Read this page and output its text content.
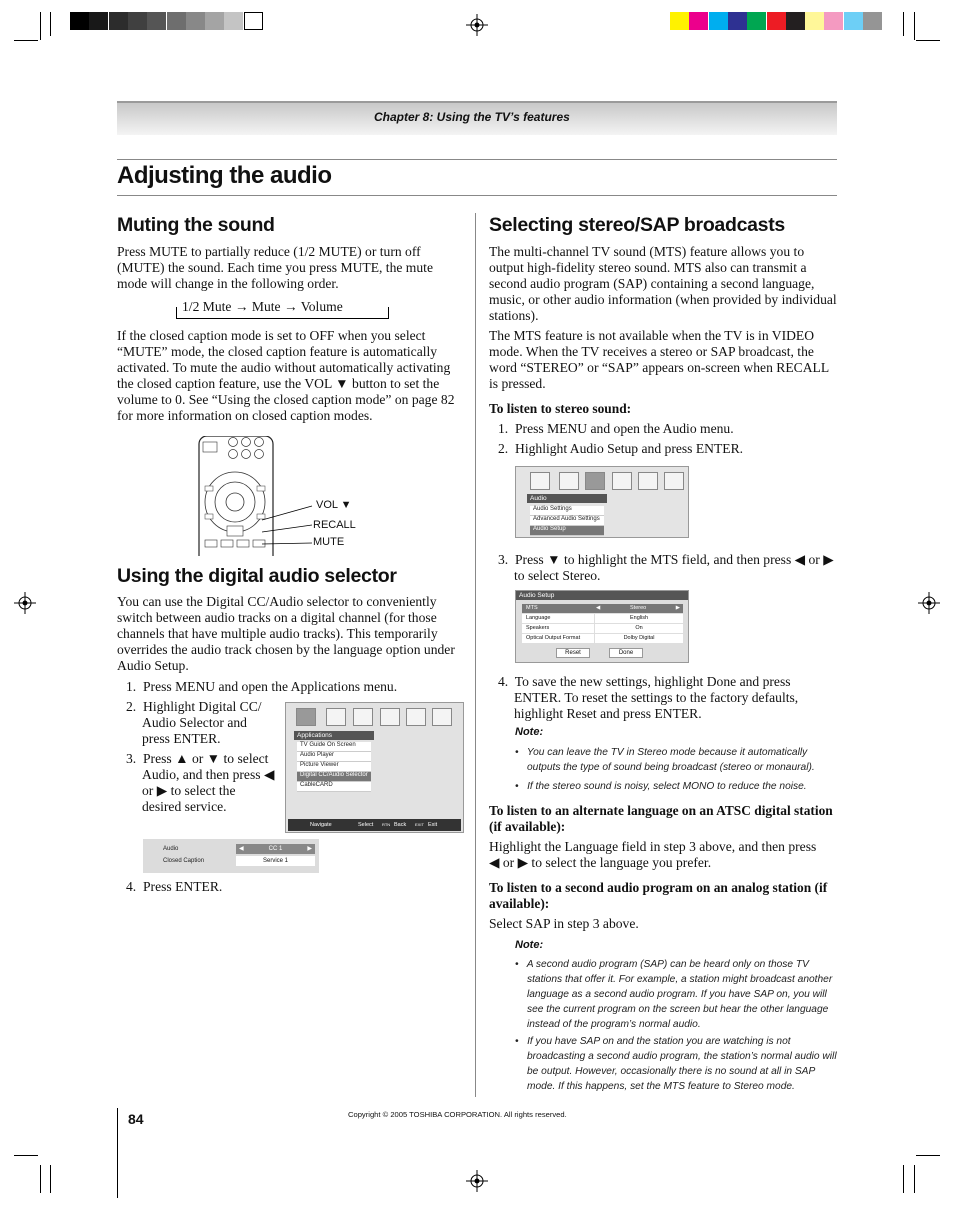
Chapter 8: Using the TV’s features
Adjusting the audio
Muting the sound
Press MUTE to partially reduce (1/2 MUTE) or turn off (MUTE) the sound. Each time you press MUTE, the mute mode will change in the following order.
1/2 Mute → Mute → Volume
If the closed caption mode is set to OFF when you select “MUTE” mode, the closed caption feature is automatically activated. To mute the audio without automatically activating the closed caption feature, use the VOL ▼ button to set the volume to 0. See “Using the closed caption mode” on page 82 for more information on closed caption modes.
VOL ▼
RECALL
MUTE
Using the digital audio selector
You can use the Digital CC/Audio selector to conveniently switch between audio tracks on a digital channel (for those channels that have multiple audio tracks). This temporarily overrides the audio track chosen by the language option under Audio Setup.
1.  Press MENU and open the Applications menu.
2.  Highlight Digital CC/ Audio Selector and press ENTER.
3.  Press ▲ or ▼ to select Audio, and then press ◀ or ▶ to select the desired service.
4.  Press ENTER.
Applications
TV Guide On Screen
Audio Player
Picture Viewer
Digital CC/Audio Selector
CableCARD
Navigate	Select RTN Back EXIT Exit
Audio	◀	CC 1	▶
Closed Caption	Service 1
Selecting stereo/SAP broadcasts
The multi-channel TV sound (MTS) feature allows you to output high-fidelity stereo sound. MTS also can transmit a second audio program (SAP) containing a second language, music, or other audio information (when provided by individual stations).
The MTS feature is not available when the TV is in VIDEO mode. When the TV receives a stereo or SAP broadcast, the word “STEREO” or “SAP” appears on-screen when RECALL is pressed.
To listen to stereo sound:
1.  Press MENU and open the Audio menu.
2.  Highlight Audio Setup and press ENTER.
Audio
Audio Settings
Advanced Audio Settings
Audio Setup
3.  Press ▼ to highlight the MTS field, and then press ◀ or ▶ to select Stereo.
Audio Setup
MTS	◀	Stereo	▶
Language	English
Speakers	On
Optical Output Format	Dolby Digital
Reset	Done
4.  To save the new settings, highlight Done and press ENTER. To reset the settings to the factory defaults, highlight Reset and press ENTER.
Note:
•   You can leave the TV in Stereo mode because it automatically outputs the type of sound being broadcast (stereo or monaural).
•   If the stereo sound is noisy, select MONO to reduce the noise.
To listen to an alternate language on an ATSC digital station (if available):
Highlight the Language field in step 3 above, and then press ◀ or ▶ to select the language you prefer.
To listen to a second audio program on an analog station (if available):
Select SAP in step 3 above.
Note:
•   A second audio program (SAP) can be heard only on those TV stations that offer it. For example, a station might broadcast another language as a second audio program. If you have SAP on, you will see the current program on the screen but hear the other language instead of the program’s normal audio.
•   If you have SAP on and the station you are watching is not broadcasting a second audio program, the station’s normal audio will be output. However, occasionally there is no sound at all in SAP mode. If this happens, set the MTS feature to Stereo mode.
84	Copyright © 2005 TOSHIBA CORPORATION. All rights reserved.
